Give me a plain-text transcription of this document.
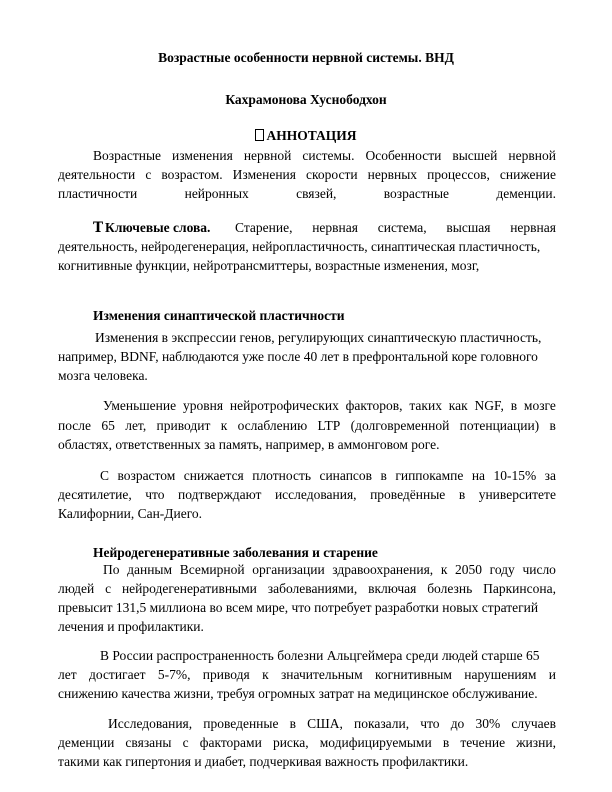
Возрастные особенности нервной системы. ВНД
Кахрамонова Хуснободхон
АННОТАЦИЯ
Возрастные изменения нервной системы. Особенности высшей нервной
деятельности с возрастом. Изменения скорости нервных процессов, снижение
пластичности	нейронных	связей,	возрастные	деменции.
𝐓 Ключевые слова. Старение, нервная система, высшая нервная
деятельность, нейродегенерация, нейропластичность, синаптическая пластичность,
когнитивные функции, нейротрансмиттеры, возрастные изменения, мозг,
Изменения синаптической пластичности
Изменения в экспрессии генов, регулирующих синаптическую пластичность,
например, BDNF, наблюдаются уже после 40 лет в префронтальной коре головного
мозга человека.
Уменьшение уровня нейротрофических факторов, таких как NGF, в мозге
после 65 лет, приводит к ослаблению LTP (долговременной потенциации) в
областях, ответственных за память, например, в аммонговом роге.
С возрастом снижается плотность синапсов в гиппокампе на 10-15% за
десятилетие, что подтверждают исследования, проведённые в университете
Калифорнии, Сан-Диего.
Нейродегенеративные заболевания и старение
По данным Всемирной организации здравоохранения, к 2050 году число
людей с нейродегенеративными заболеваниями, включая болезнь Паркинсона,
превысит 131,5 миллиона во всем мире, что потребует разработки новых стратегий
лечения и профилактики.
В России распространенность болезни Альцгеймера среди людей старше 65
лет достигает 5-7%, приводя к значительным когнитивным нарушениям и
снижению качества жизни, требуя огромных затрат на медицинское обслуживание.
Исследования, проведенные в США, показали, что до 30% случаев
деменции связаны с факторами риска, модифицируемыми в течение жизни,
такими как гипертония и диабет, подчеркивая важность профилактики.
